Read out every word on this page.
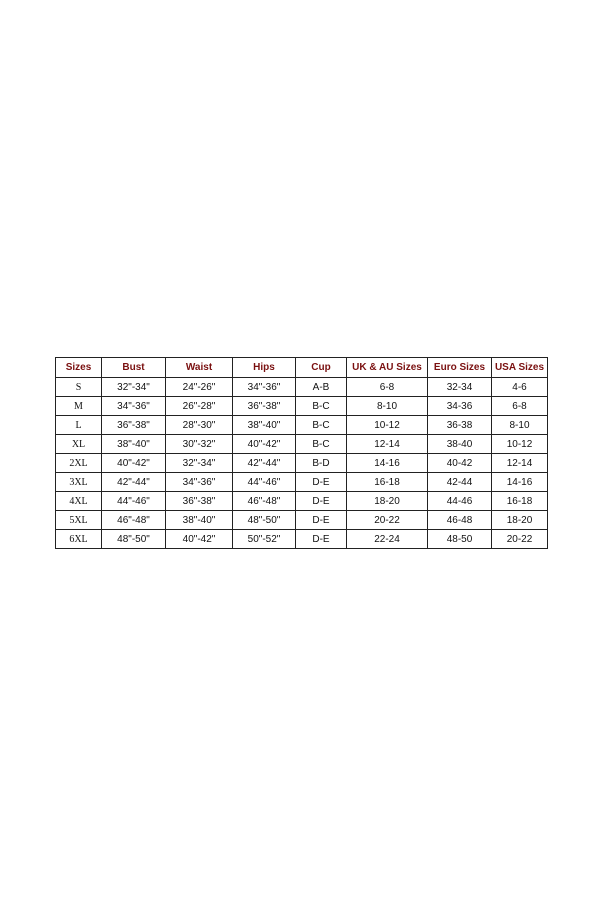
Sizes	Bust	Waist	Hips	Cup	UK & AU Sizes	Euro Sizes	USA Sizes
S	32"-34"	24"-26"	34"-36"	A-B	6-8	32-34	4-6
M	34"-36"	26"-28"	36"-38"	B-C	8-10	34-36	6-8
L	36"-38"	28"-30"	38"-40"	B-C	10-12	36-38	8-10
XL	38"-40"	30"-32"	40"-42"	B-C	12-14	38-40	10-12
2XL	40"-42"	32"-34"	42"-44"	B-D	14-16	40-42	12-14
3XL	42"-44"	34"-36"	44"-46"	D-E	16-18	42-44	14-16
4XL	44"-46"	36"-38"	46"-48"	D-E	18-20	44-46	16-18
5XL	46"-48"	38"-40"	48"-50"	D-E	20-22	46-48	18-20
6XL	48"-50"	40"-42"	50"-52"	D-E	22-24	48-50	20-22
